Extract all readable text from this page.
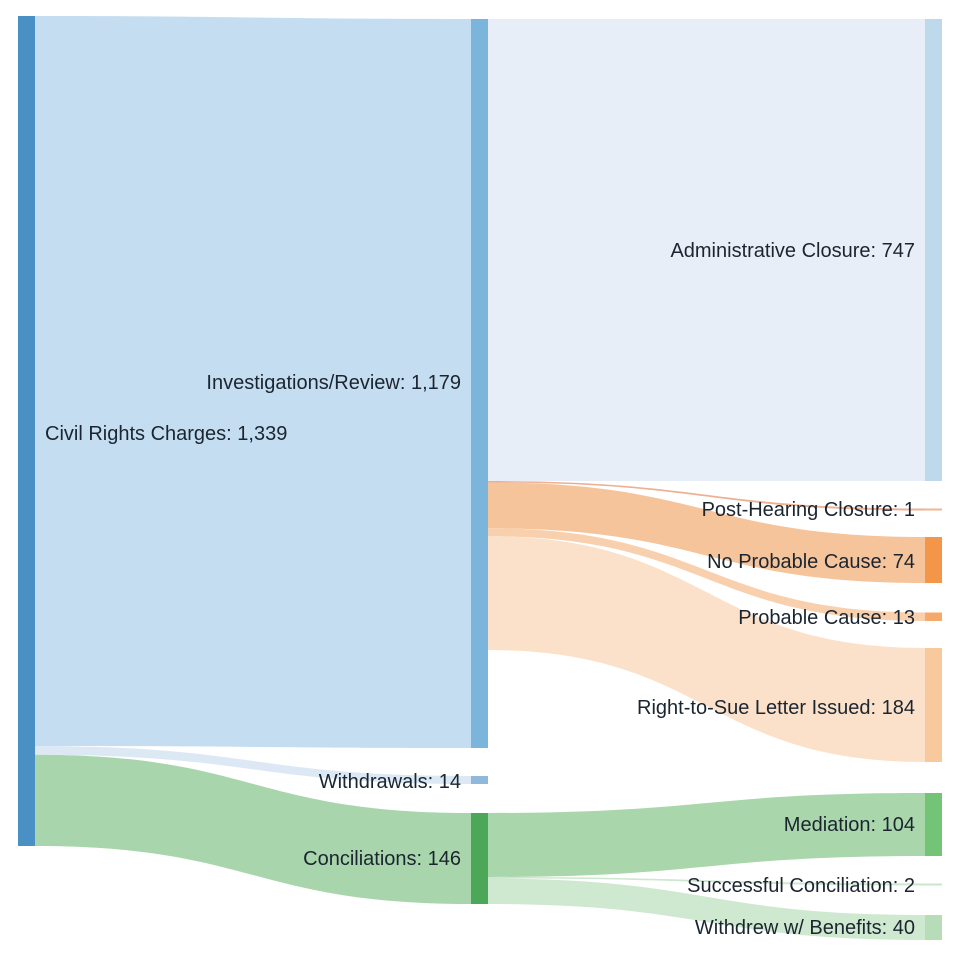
Civil Rights Charges: 1,339
Investigations/Review: 1,179
Withdrawals: 14
Conciliations: 146
Administrative Closure: 747
Post-Hearing Closure: 1
No Probable Cause: 74
Probable Cause: 13
Right-to-Sue Letter Issued: 184
Mediation: 104
Successful Conciliation: 2
Withdrew w/ Benefits: 40
